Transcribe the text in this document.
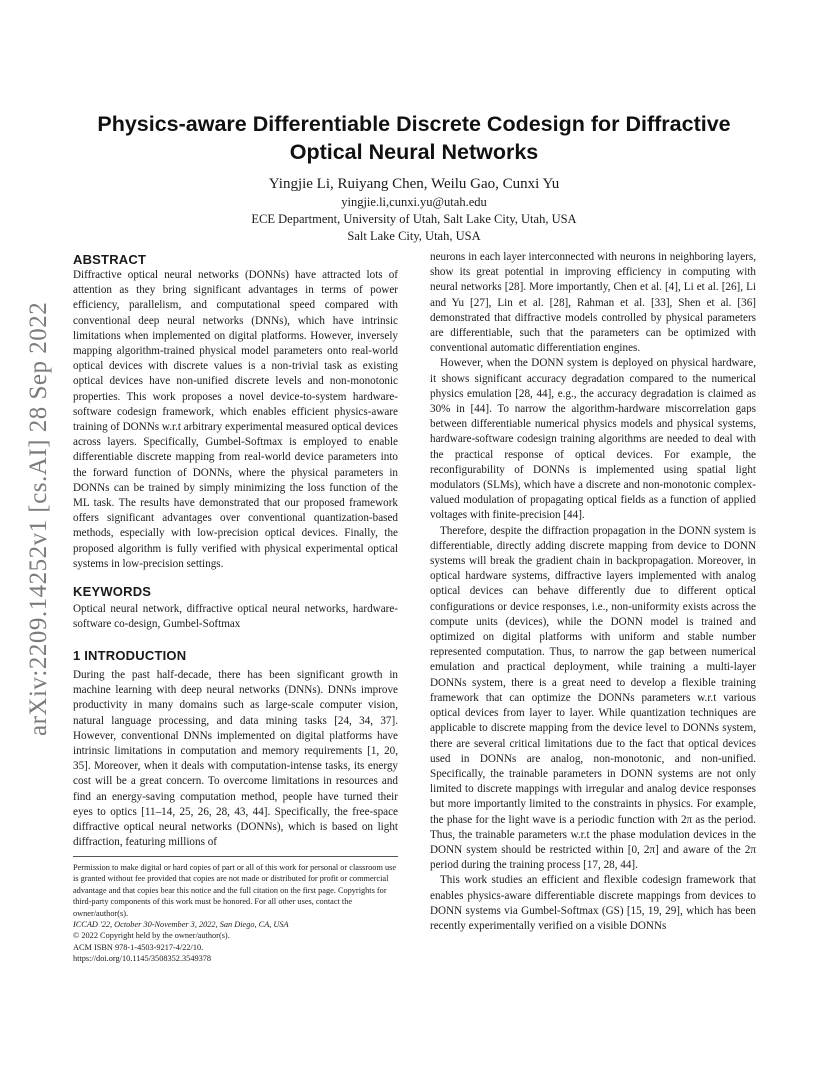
arXiv:2209.14252v1 [cs.AI] 28 Sep 2022
Physics-aware Differentiable Discrete Codesign for Diffractive
Optical Neural Networks
Yingjie Li, Ruiyang Chen, Weilu Gao, Cunxi Yu
yingjie.li,cunxi.yu@utah.edu
ECE Department, University of Utah, Salt Lake City, Utah, USA
Salt Lake City, Utah, USA
ABSTRACT

Diffractive optical neural networks (DONNs) have attracted lots of attention as they bring significant advantages in terms of power efficiency, parallelism, and computational speed compared with conventional deep neural networks (DNNs), which have intrinsic limitations when implemented on digital platforms. However, inversely mapping algorithm-trained physical model parameters onto real-world optical devices with discrete values is a non-trivial task as existing optical devices have non-unified discrete levels and non-monotonic properties. This work proposes a novel device-to-system hardware-software codesign framework, which enables efficient physics-aware training of DONNs w.r.t arbitrary experimental measured optical devices across layers. Specifically, Gumbel-Softmax is employed to enable differentiable discrete mapping from real-world device parameters into the forward function of DONNs, where the physical parameters in DONNs can be trained by simply minimizing the loss function of the ML task. The results have demonstrated that our proposed framework offers significant advantages over conventional quantization-based methods, especially with low-precision optical devices. Finally, the proposed algorithm is fully verified with physical experimental optical systems in low-precision settings.

KEYWORDS

Optical neural network, diffractive optical neural networks, hardware-software co-design, Gumbel-Softmax

1 INTRODUCTION

During the past half-decade, there has been significant growth in machine learning with deep neural networks (DNNs). DNNs improve productivity in many domains such as large-scale computer vision, natural language processing, and data mining tasks [24, 34, 37]. However, conventional DNNs implemented on digital platforms have intrinsic limitations in computation and memory requirements [1, 20, 35]. Moreover, when it deals with computation-intense tasks, its energy cost will be a great concern. To overcome limitations in resources and find an energy-saving computation method, people have turned their eyes to optics [11–14, 25, 26, 28, 43, 44]. Specifically, the free-space diffractive optical neural networks (DONNs), which is based on light diffraction, featuring millions of

Permission to make digital or hard copies of part or all of this work for personal or classroom use is granted without fee provided that copies are not made or distributed for profit or commercial advantage and that copies bear this notice and the full citation on the first page. Copyrights for third-party components of this work must be honored. For all other uses, contact the owner/author(s).

ICCAD '22, October 30-November 3, 2022, San Diego, CA, USA

© 2022 Copyright held by the owner/author(s).

ACM ISBN 978-1-4503-9217-4/22/10.

https://doi.org/10.1145/3508352.3549378

neurons in each layer interconnected with neurons in neighboring layers, show its great potential in improving efficiency in computing with neural networks [28]. More importantly, Chen et al. [4], Li et al. [26], Li and Yu [27], Lin et al. [28], Rahman et al. [33], Shen et al. [36] demonstrated that diffractive models controlled by physical parameters are differentiable, such that the parameters can be optimized with conventional automatic differentiation engines.

However, when the DONN system is deployed on physical hardware, it shows significant accuracy degradation compared to the numerical physics emulation [28, 44], e.g., the accuracy degradation is claimed as 30% in [44]. To narrow the algorithm-hardware miscorrelation gaps between differentiable numerical physics models and physical systems, hardware-software codesign training algorithms are needed to deal with the practical response of optical devices. For example, the reconfigurability of DONNs is implemented using spatial light modulators (SLMs), which have a discrete and non-monotonic complex-valued modulation of propagating optical fields as a function of applied voltages with finite-precision [44].

Therefore, despite the diffraction propagation in the DONN system is differentiable, directly adding discrete mapping from device to DONN systems will break the gradient chain in backpropagation. Moreover, in optical hardware systems, diffractive layers implemented with analog optical devices can behave differently due to different optical configurations or device responses, i.e., non-uniformity exists across the compute units (devices), while the DONN model is trained and optimized on digital platforms with uniform and stable number represented computation. Thus, to narrow the gap between numerical emulation and practical deployment, while training a multi-layer DONNs system, there is a great need to develop a flexible training framework that can optimize the DONNs parameters w.r.t various optical devices from layer to layer. While quantization techniques are applicable to discrete mapping from the device level to DONNs system, there are several critical limitations due to the fact that optical devices used in DONNs are analog, non-monotonic, and non-unified. Specifically, the trainable parameters in DONN systems are not only limited to discrete mappings with irregular and analog device responses but more importantly limited to the constraints in physics. For example, the phase for the light wave is a periodic function with 2π as the period. Thus, the trainable parameters w.r.t the phase modulation devices in the DONN system should be restricted within [0, 2π] and aware of the 2π period during the training process [17, 28, 44].

This work studies an efficient and flexible codesign framework that enables physics-aware differentiable discrete mappings from devices to DONN systems via Gumbel-Softmax (GS) [15, 19, 29], which has been recently experimentally verified on a visible DONNs
